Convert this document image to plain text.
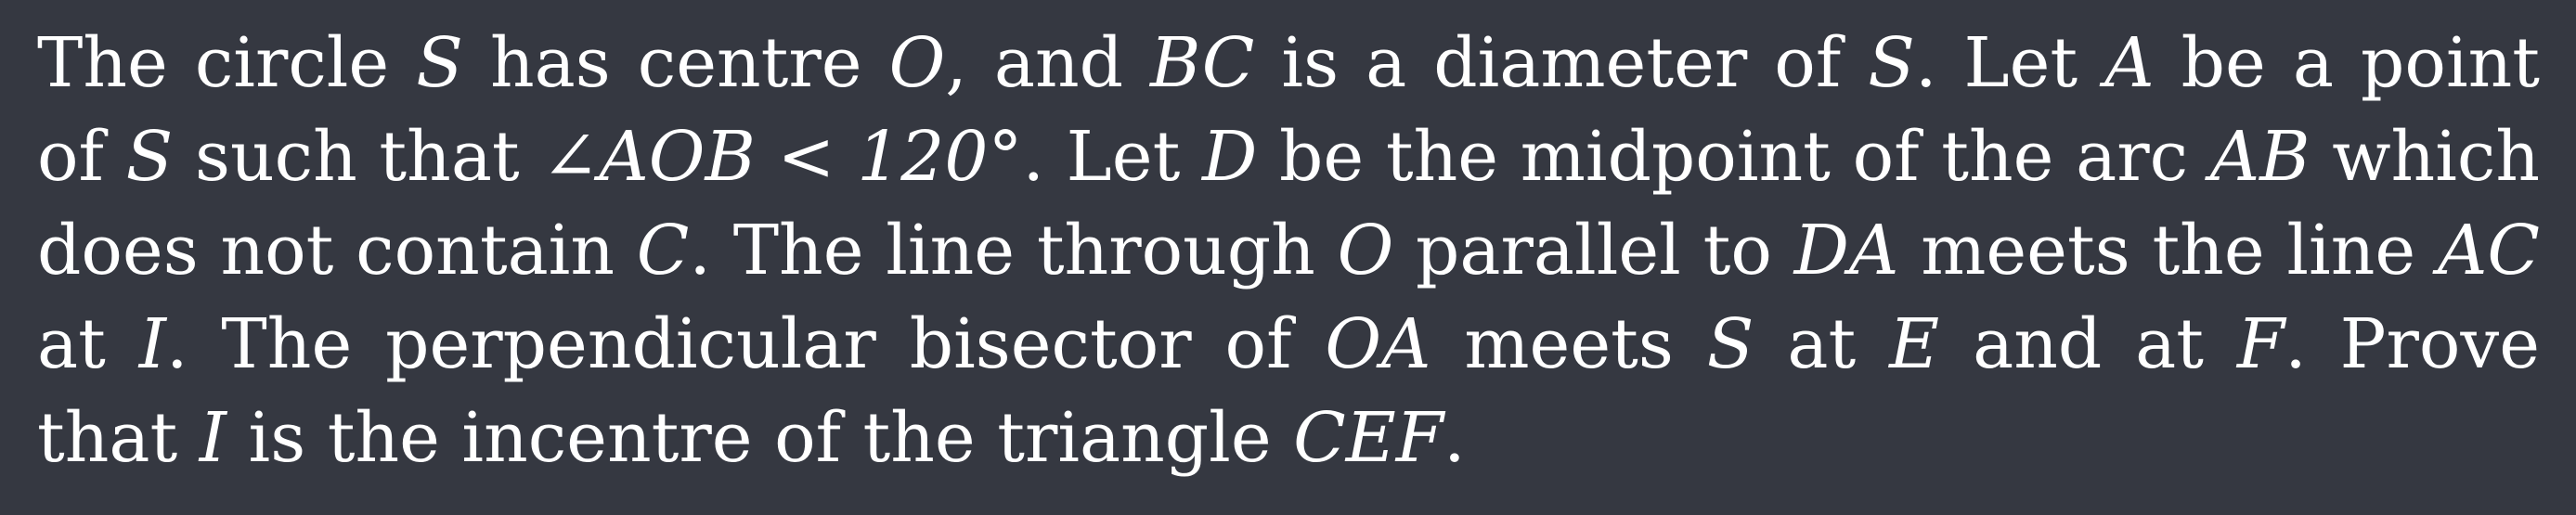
The circle S has centre O, and BC is a diameter of S. Let A be a point of S such that ∠AOB < 120°. Let D be the midpoint of the arc AB which does not contain C. The line through O parallel to DA meets the line AC at I. The perpendicular bisector of OA meets S at E and at F. Prove that I is the incentre of the triangle CEF.
